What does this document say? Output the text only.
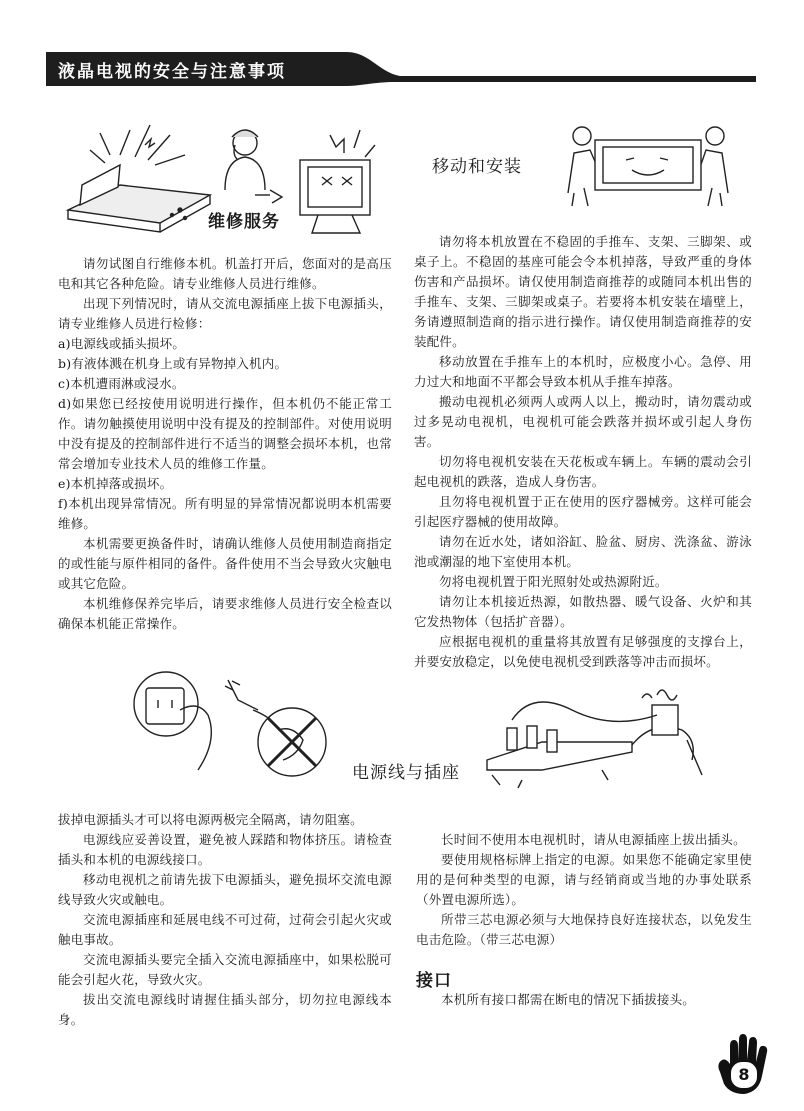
液晶电视的安全与注意事项
维修服务
移动和安装

请勿试图自行维修本机。机盖打开后，您面对的是高压电和其它各种危险。请专业维修人员进行维修。

出现下列情况时，请从交流电源插座上拔下电源插头，请专业维修人员进行检修：

a)电源线或插头损坏。

b)有液体溅在机身上或有异物掉入机内。

c)本机遭雨淋或浸水。

d)如果您已经按使用说明进行操作，但本机仍不能正常工作。请勿触摸使用说明中没有提及的控制部件。对使用说明中没有提及的控制部件进行不适当的调整会损坏本机，也常常会增加专业技术人员的维修工作量。

e)本机掉落或损坏。

f)本机出现异常情况。所有明显的异常情况都说明本机需要维修。

本机需要更换备件时，请确认维修人员使用制造商指定的或性能与原件相同的备件。备件使用不当会导致火灾触电或其它危险。

本机维修保养完毕后，请要求维修人员进行安全检查以确保本机能正常操作。

请勿将本机放置在不稳固的手推车、支架、三脚架、或桌子上。不稳固的基座可能会令本机掉落，导致严重的身体伤害和产品损坏。请仅使用制造商推荐的或随同本机出售的手推车、支架、三脚架或桌子。若要将本机安装在墙壁上，务请遵照制造商的指示进行操作。请仅使用制造商推荐的安装配件。

移动放置在手推车上的本机时，应极度小心。急停、用力过大和地面不平都会导致本机从手推车掉落。

搬动电视机必须两人或两人以上，搬动时，请勿震动或过多晃动电视机，电视机可能会跌落并损坏或引起人身伤害。

切勿将电视机安装在天花板或车辆上。车辆的震动会引起电视机的跌落，造成人身伤害。

且勿将电视机置于正在使用的医疗器械旁。这样可能会引起医疗器械的使用故障。

请勿在近水处，诸如浴缸、脸盆、厨房、洗涤盆、游泳池或潮湿的地下室使用本机。

勿将电视机置于阳光照射处或热源附近。

请勿让本机接近热源，如散热器、暖气设备、火炉和其它发热物体（包括扩音器）。

应根据电视机的重量将其放置有足够强度的支撑台上，并要安放稳定，以免使电视机受到跌落等冲击而损坏。

电源线与插座

拔掉电源插头才可以将电源两极完全隔离，请勿阻塞。

电源线应妥善设置，避免被人踩踏和物体挤压。请检查插头和本机的电源线接口。

移动电视机之前请先拔下电源插头，避免损坏交流电源线导致火灾或触电。

交流电源插座和延展电线不可过荷，过荷会引起火灾或触电事故。

交流电源插头要完全插入交流电源插座中，如果松脱可能会引起火花，导致火灾。

拔出交流电源线时请握住插头部分，切勿拉电源线本身。

长时间不使用本电视机时，请从电源插座上拔出插头。

要使用规格标牌上指定的电源。如果您不能确定家里使用的是何种类型的电源，请与经销商或当地的办事处联系（外置电源所选）。

所带三芯电源必须与大地保持良好连接状态，以免发生电击危险。（带三芯电源）

接口

本机所有接口都需在断电的情况下插拔接头。

8
